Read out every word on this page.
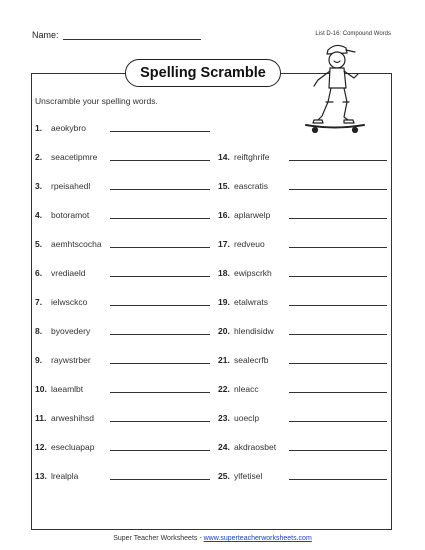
Name:	List D-16: Compound Words
Spelling Scramble
Unscramble your spelling words.
1.	aeokybro
2.	seacetipmre
3.	rpeisahedl
4.	botoramot
5.	aemhtscocha
6.	vrediaeld
7.	ielwsckco
8.	byovedery
9.	raywstrber
10. laeamlbt
11. arweshihsd
12. esecluapap
13. lrealpla
14. reiftghrife
15. eascratis
16. aplarwelp
17. redveuo
18. ewipscrkh
19. etalwrats
20. hlendisidw
21. sealecrfb
22. nleacc
23. uoeclp
24. akdraosbet
25. ylfetisel
Super Teacher Worksheets - www.superteacherworksheets.com
